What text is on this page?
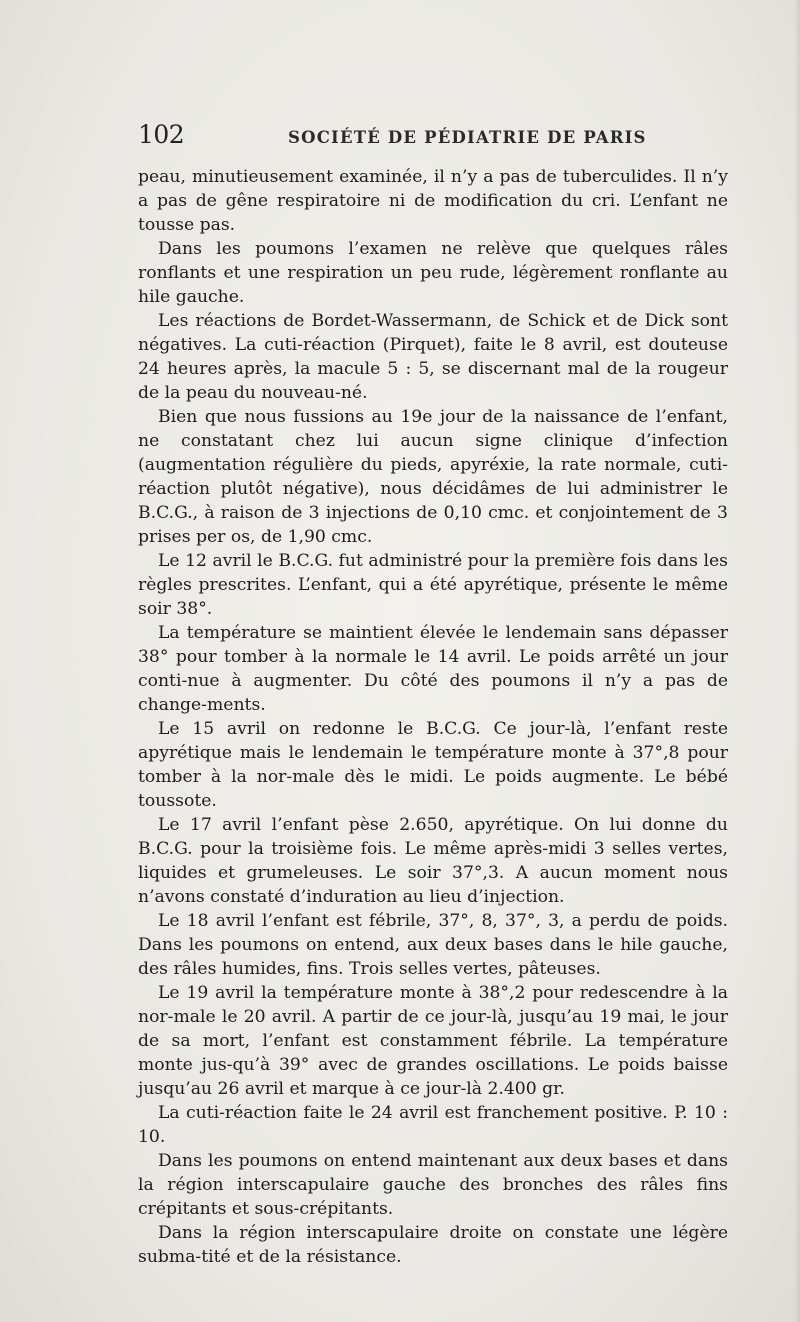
102	SOCIÉTÉ DE PÉDIATRIE DE PARIS

peau, minutieusement examinée, il n’y a pas de tuberculides. Il n’y a pas de gêne respiratoire ni de modification du cri. L’enfant ne tousse pas.

Dans les poumons l’examen ne relève que quelques râles ronflants et une respiration un peu rude, légèrement ronflante au hile gauche.

Les réactions de Bordet-Wassermann, de Schick et de Dick sont négatives. La cuti-réaction (Pirquet), faite le 8 avril, est douteuse 24 heures après, la macule 5 : 5, se discernant mal de la rougeur de la peau du nouveau-né.

Bien que nous fussions au 19e jour de la naissance de l’enfant, ne constatant chez lui aucun signe clinique d’infection (augmentation régulière du pieds, apyréxie, la rate normale, cuti-réaction plutôt négative), nous décidâmes de lui administrer le B.C.G., à raison de 3 injections de 0,10 cmc. et conjointement de 3 prises per os, de 1,90 cmc.

Le 12 avril le B.C.G. fut administré pour la première fois dans les règles prescrites. L’enfant, qui a été apyrétique, présente le même soir 38°.

La température se maintient élevée le lendemain sans dépasser 38° pour tomber à la normale le 14 avril. Le poids arrêté un jour conti-nue à augmenter. Du côté des poumons il n’y a pas de change-ments.

Le 15 avril on redonne le B.C.G. Ce jour-là, l’enfant reste apyrétique mais le lendemain le température monte à 37°,8 pour tomber à la nor-male dès le midi. Le poids augmente. Le bébé toussote.

Le 17 avril l’enfant pèse 2.650, apyrétique. On lui donne du B.C.G. pour la troisième fois. Le même après-midi 3 selles vertes, liquides et grumeleuses. Le soir 37°,3. A aucun moment nous n’avons constaté d’induration au lieu d’injection.

Le 18 avril l’enfant est fébrile, 37°, 8, 37°, 3, a perdu de poids. Dans les poumons on entend, aux deux bases dans le hile gauche, des râles humides, fins. Trois selles vertes, pâteuses.

Le 19 avril la température monte à 38°,2 pour redescendre à la nor-male le 20 avril. A partir de ce jour-là, jusqu’au 19 mai, le jour de sa mort, l’enfant est constamment fébrile. La température monte jus-qu’à 39° avec de grandes oscillations. Le poids baisse jusqu’au 26 avril et marque à ce jour-là 2.400 gr.

La cuti-réaction faite le 24 avril est franchement positive. P. 10 : 10.

Dans les poumons on entend maintenant aux deux bases et dans la région interscapulaire gauche des bronches des râles fins crépitants et sous-crépitants.

Dans la région interscapulaire droite on constate une légère subma-tité et de la résistance.
